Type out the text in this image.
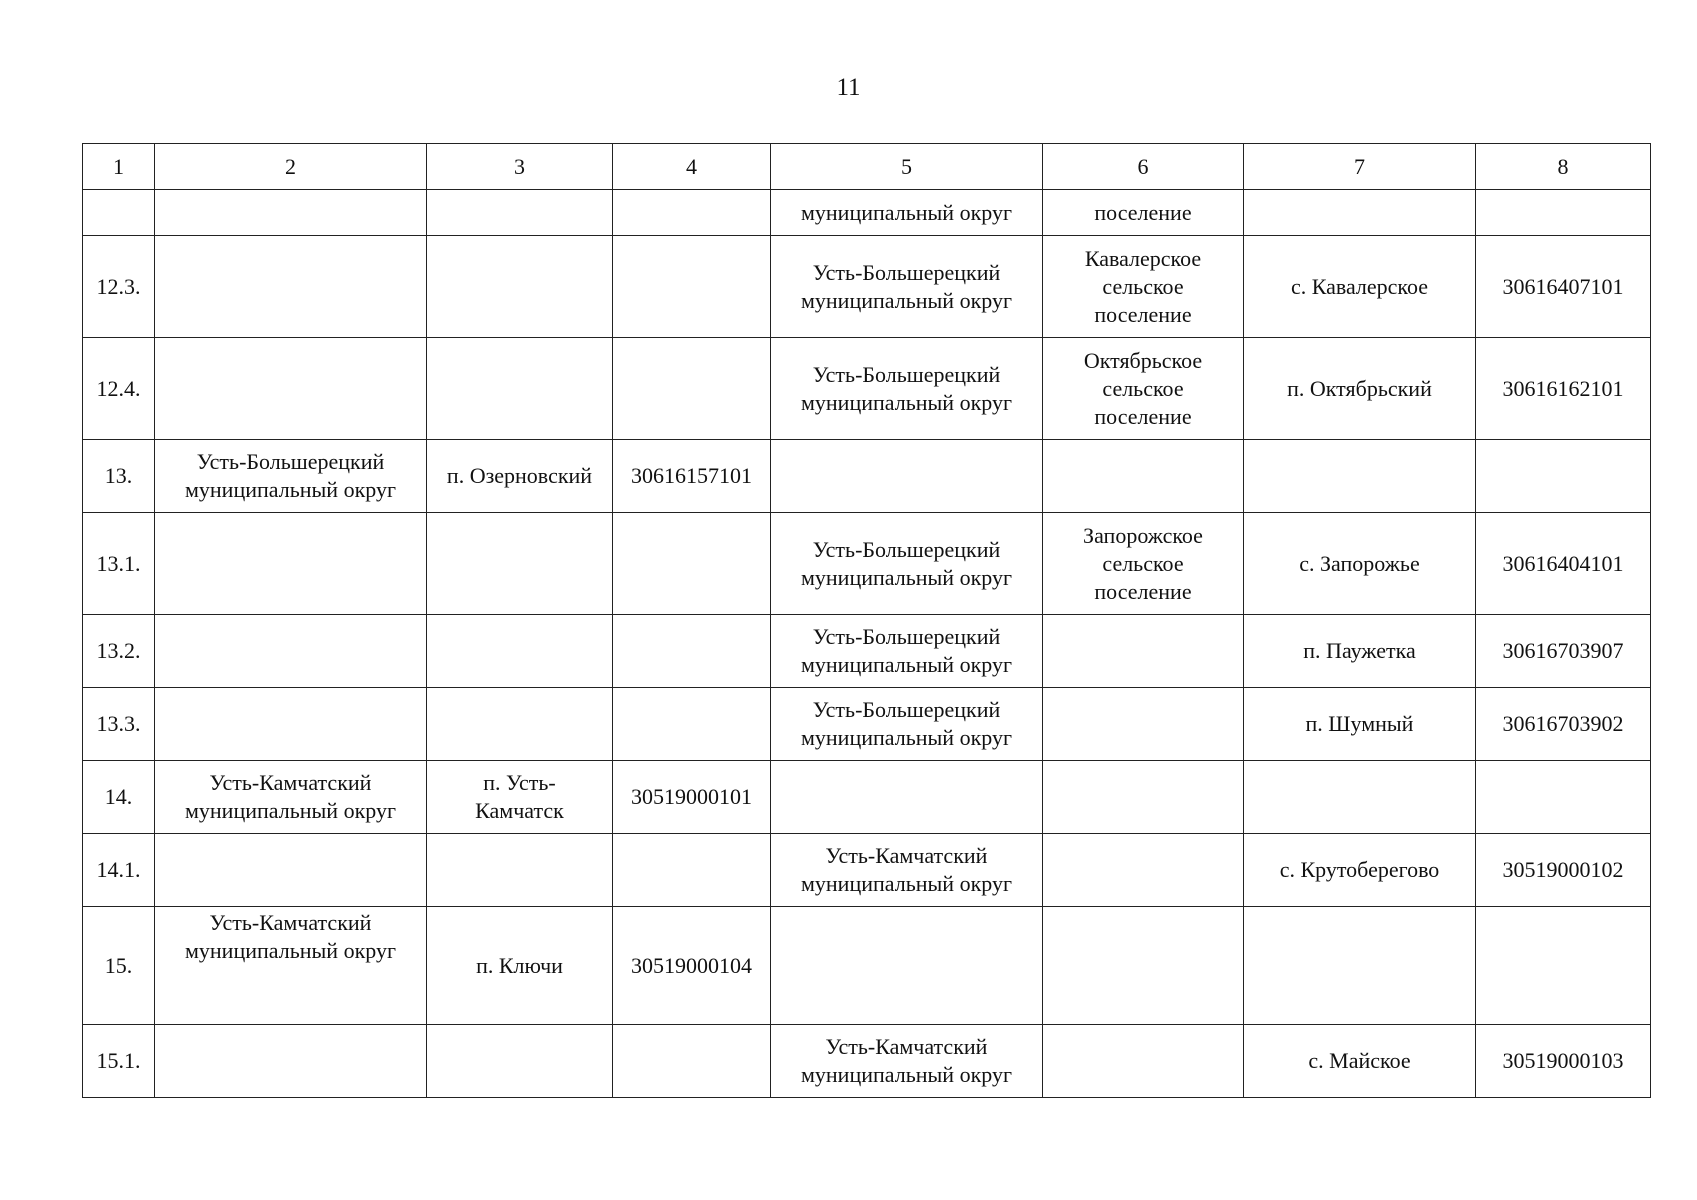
11
1	2	3	4	5	6	7	8

				муниципальный округ	поселение		

12.3.				Усть-Большерецкий
муниципальный округ	Кавалерское
сельское
поселение	с. Кавалерское	30616407101

12.4.				Усть-Большерецкий
муниципальный округ	Октябрьское
сельское
поселение	п. Октябрьский	30616162101

13.	Усть-Большерецкий
муниципальный округ	п. Озерновский	30616157101				

13.1.				Усть-Большерецкий
муниципальный округ	Запорожское
сельское
поселение	с. Запорожье	30616404101

13.2.				Усть-Большерецкий
муниципальный округ		п. Паужетка	30616703907

13.3.				Усть-Большерецкий
муниципальный округ		п. Шумный	30616703902

14.	Усть-Камчатский
муниципальный округ	п. Усть-
Камчатск	30519000101				

14.1.				Усть-Камчатский
муниципальный округ		с. Крутоберегово	30519000102

15.	Усть-Камчатский
муниципальный округ	п. Ключи	30519000104				

15.1.				Усть-Камчатский
муниципальный округ		с. Майское	30519000103
